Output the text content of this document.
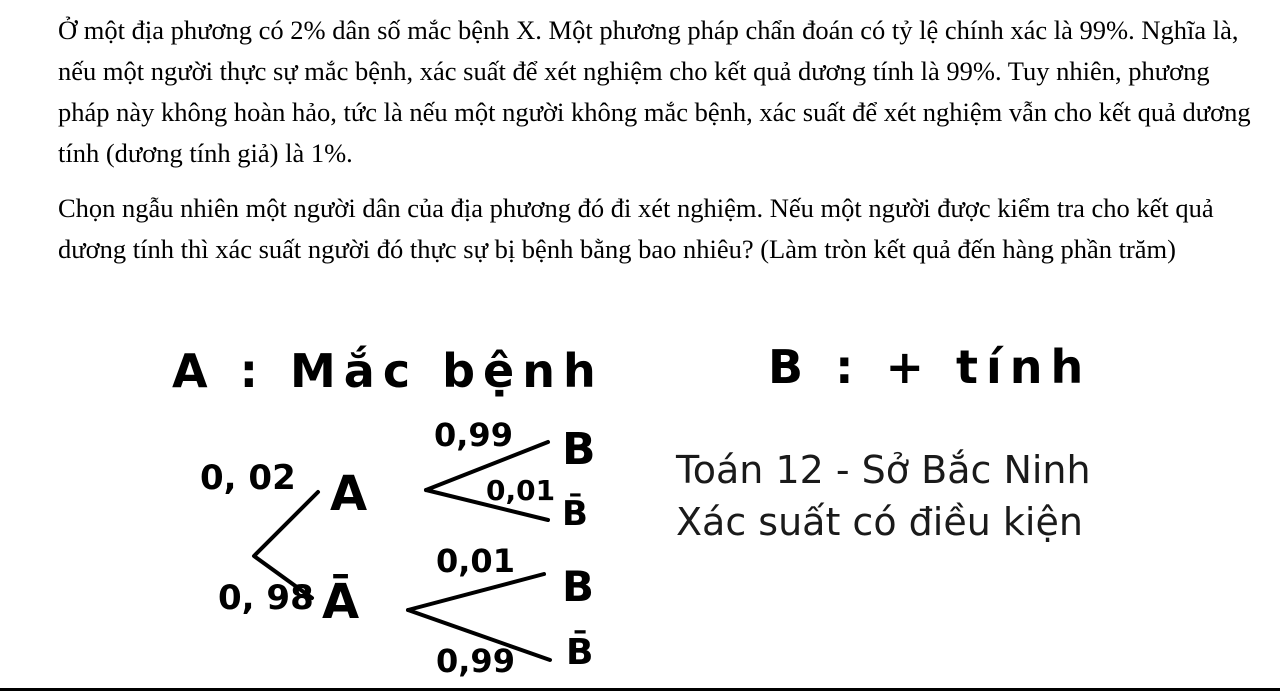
Ở một địa phương có 2% dân số mắc bệnh X. Một phương pháp chẩn đoán có tỷ lệ chính xác là 99%. Nghĩa là, nếu một người thực sự mắc bệnh, xác suất để xét nghiệm cho kết quả dương tính là 99%. Tuy nhiên, phương pháp này không hoàn hảo, tức là nếu một người không mắc bệnh, xác suất để xét nghiệm vẫn cho kết quả dương tính (dương tính giả) là 1%.

Chọn ngẫu nhiên một người dân của địa phương đó đi xét nghiệm. Nếu một người được kiểm tra cho kết quả dương tính thì xác suất người đó thực sự bị bệnh bằng bao nhiêu? (Làm tròn kết quả đến hàng phần trăm)

A : Mắc bệnh	B : + tính
0, 02
0, 98
A
Ā
0,99
0,01
0,01
0,99
B
B̄
B
B̄
Toán 12 - Sở Bắc Ninh
Xác suất có điều kiện
